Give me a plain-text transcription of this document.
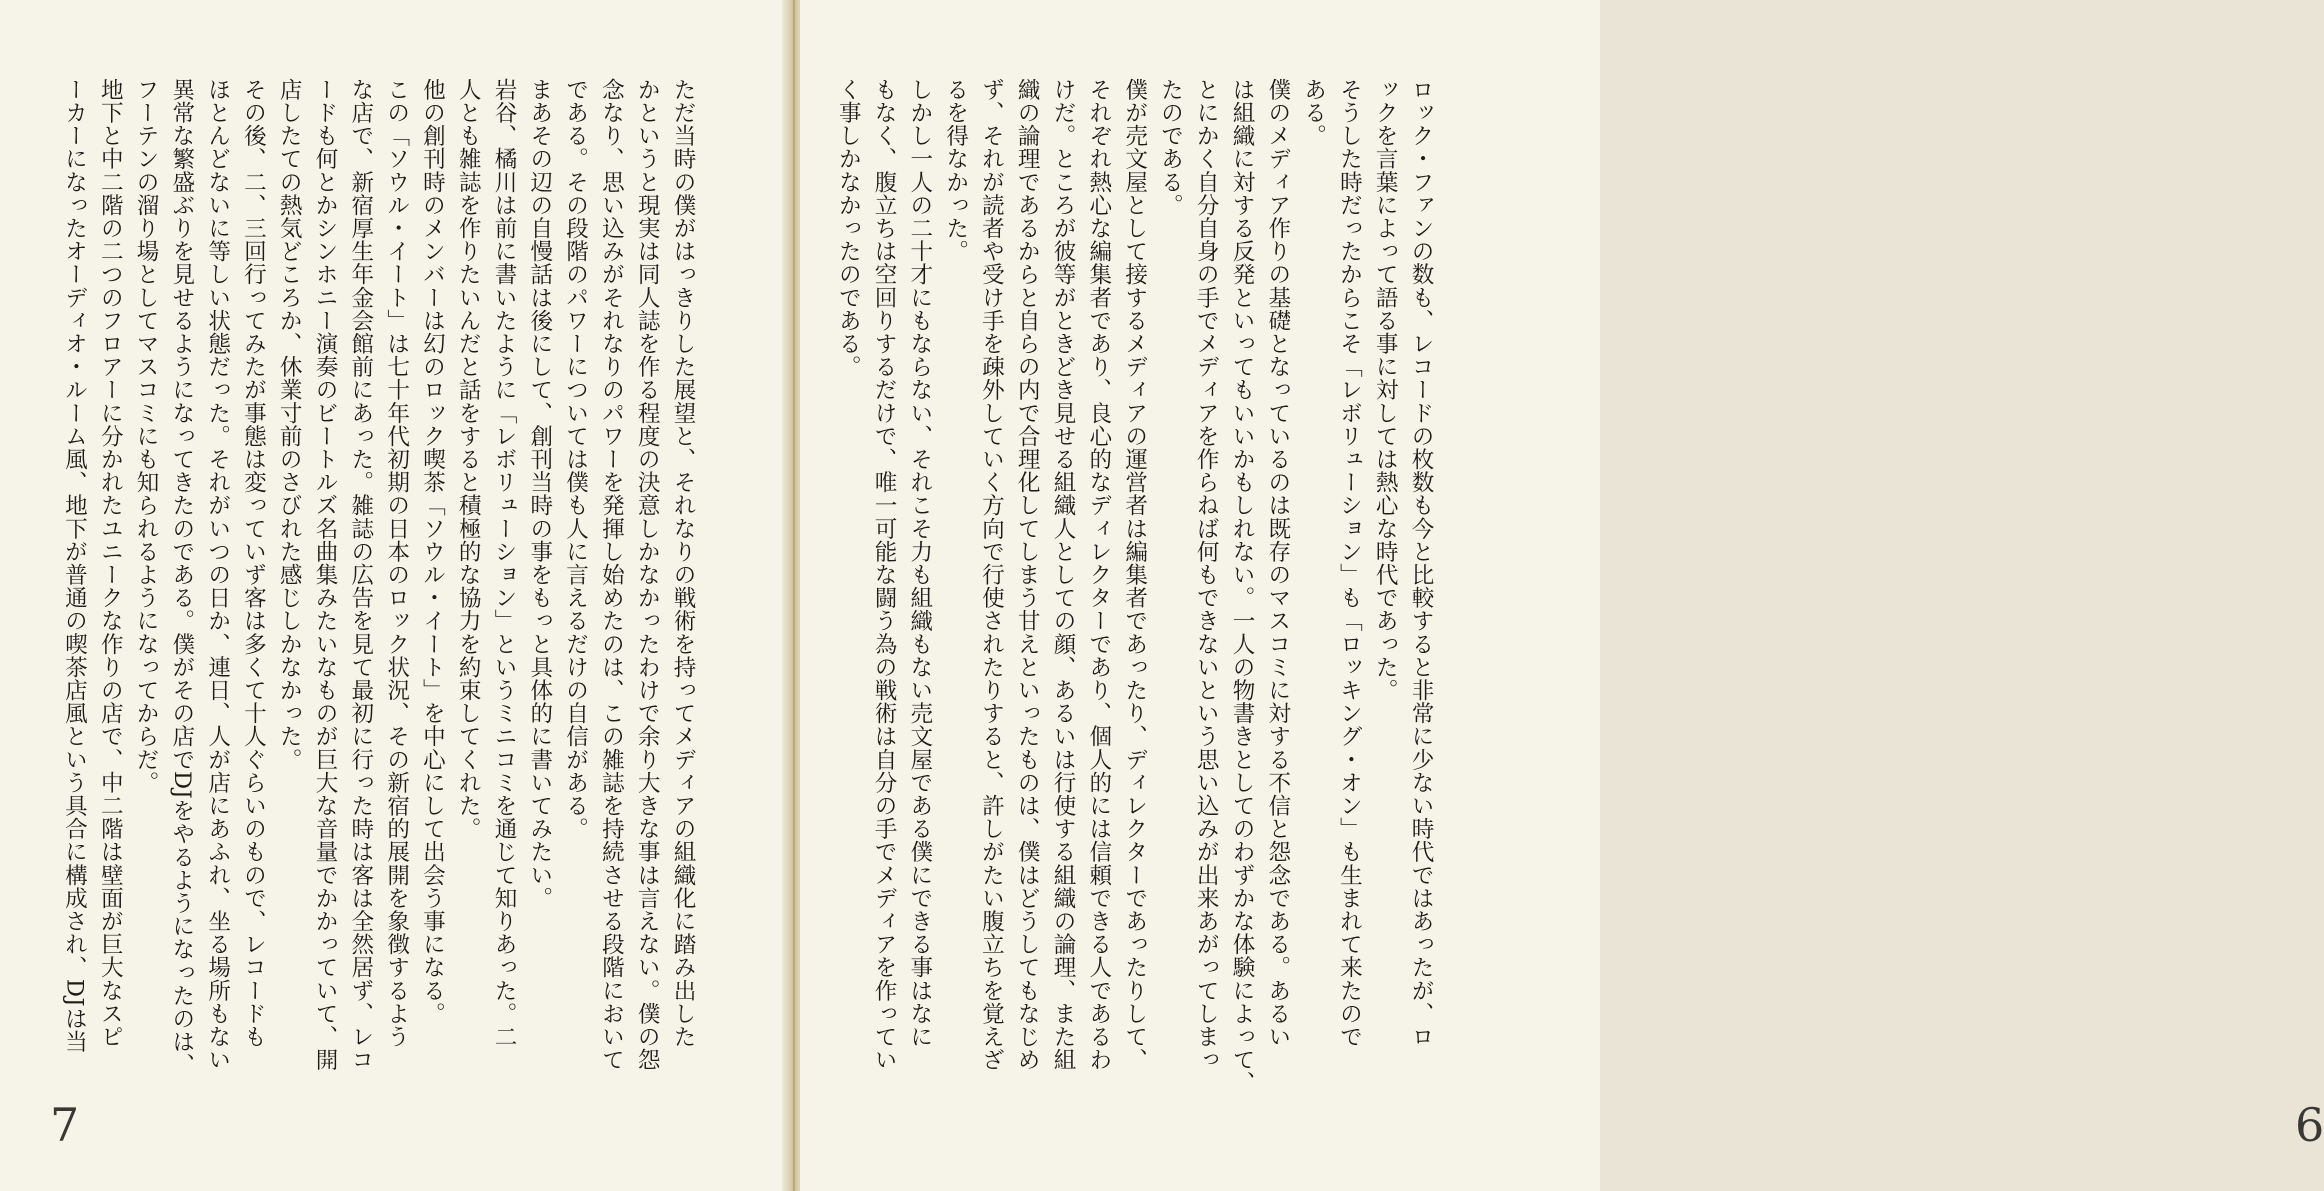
ただ当時の僕がはっきりした展望と、それなりの戦術を持ってメディアの組織化に踏み出した
かというと現実は同人誌を作る程度の決意しかなかったわけで余り大きな事は言えない。僕の怨
念なり、思い込みがそれなりのパワーを発揮し始めたのは、この雑誌を持続させる段階において
である。その段階のパワーについては僕も人に言えるだけの自信がある。
まあその辺の自慢話は後にして、創刊当時の事をもっと具体的に書いてみたい。
岩谷、橘川は前に書いたように「レボリューション」というミニコミを通じて知りあった。二
人とも雑誌を作りたいんだと話をすると積極的な協力を約束してくれた。
他の創刊時のメンバーは幻のロック喫茶「ソウル・イート」を中心にして出会う事になる。
この「ソウル・イート」は七十年代初期の日本のロック状況、その新宿的展開を象徴するよう
な店で、新宿厚生年金会館前にあった。雑誌の広告を見て最初に行った時は客は全然居ず、レコ
ードも何とかシンホニー演奏のビートルズ名曲集みたいなものが巨大な音量でかかっていて、開
店したての熱気どころか、休業寸前のさびれた感じしかなかった。
その後、二、三回行ってみたが事態は変っていず客は多くて十人ぐらいのもので、レコードも
ほとんどないに等しい状態だった。それがいつの日か、連日、人が店にあふれ、坐る場所もない
異常な繁盛ぶりを見せるようになってきたのである。僕がその店でDJをやるようになったのは、
フーテンの溜り場としてマスコミにも知られるようになってからだ。
地下と中二階の二つのフロアーに分かれたユニークな作りの店で、中二階は壁面が巨大なスピ
ーカーになったオーディオ・ルーム風、地下が普通の喫茶店風という具合に構成され、DJは当
7	6
ロック・ファンの数も、レコードの枚数も今と比較すると非常に少ない時代ではあったが、ロ
ックを言葉によって語る事に対しては熱心な時代であった。
そうした時だったからこそ「レボリューション」も「ロッキング・オン」も生まれて来たので
ある。
僕のメディア作りの基礎となっているのは既存のマスコミに対する不信と怨念である。あるい
は組織に対する反発といってもいいかもしれない。一人の物書きとしてのわずかな体験によって、
とにかく自分自身の手でメディアを作らねば何もできないという思い込みが出来あがってしまっ
たのである。
僕が売文屋として接するメディアの運営者は編集者であったり、ディレクターであったりして、
それぞれ熱心な編集者であり、良心的なディレクターであり、個人的には信頼できる人であるわ
けだ。ところが彼等がときどき見せる組織人としての顔、あるいは行使する組織の論理、また組
織の論理であるからと自らの内で合理化してしまう甘えといったものは、僕はどうしてもなじめ
ず、それが読者や受け手を疎外していく方向で行使されたりすると、許しがたい腹立ちを覚えざ
るを得なかった。
しかし一人の二十才にもならない、それこそ力も組織もない売文屋である僕にできる事はなに
もなく、腹立ちは空回りするだけで、唯一可能な闘う為の戦術は自分の手でメディアを作ってい
く事しかなかったのである。
